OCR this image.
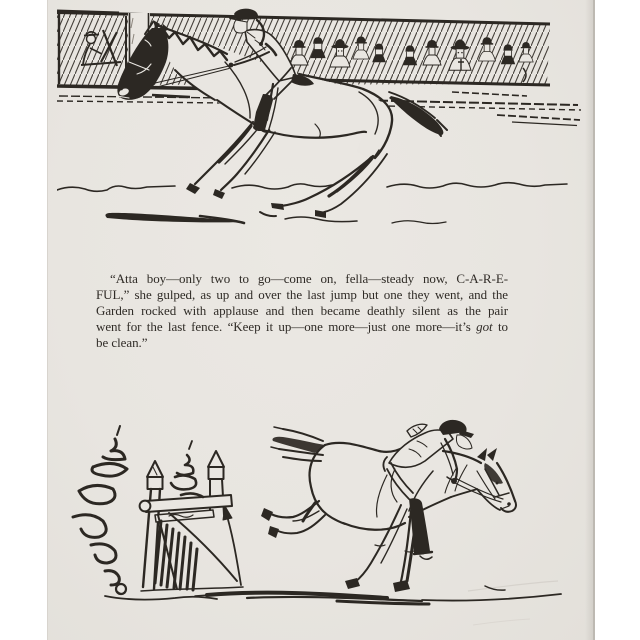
“Atta boy—only two to go—come on, fella—steady now, C-A-R-E-
FUL,” she gulped, as up and over the last jump but one they went, and the
Garden rocked with applause and then became deathly silent as the pair
went for the last fence. “Keep it up—one more—just one more—it’s got to
be clean.”
